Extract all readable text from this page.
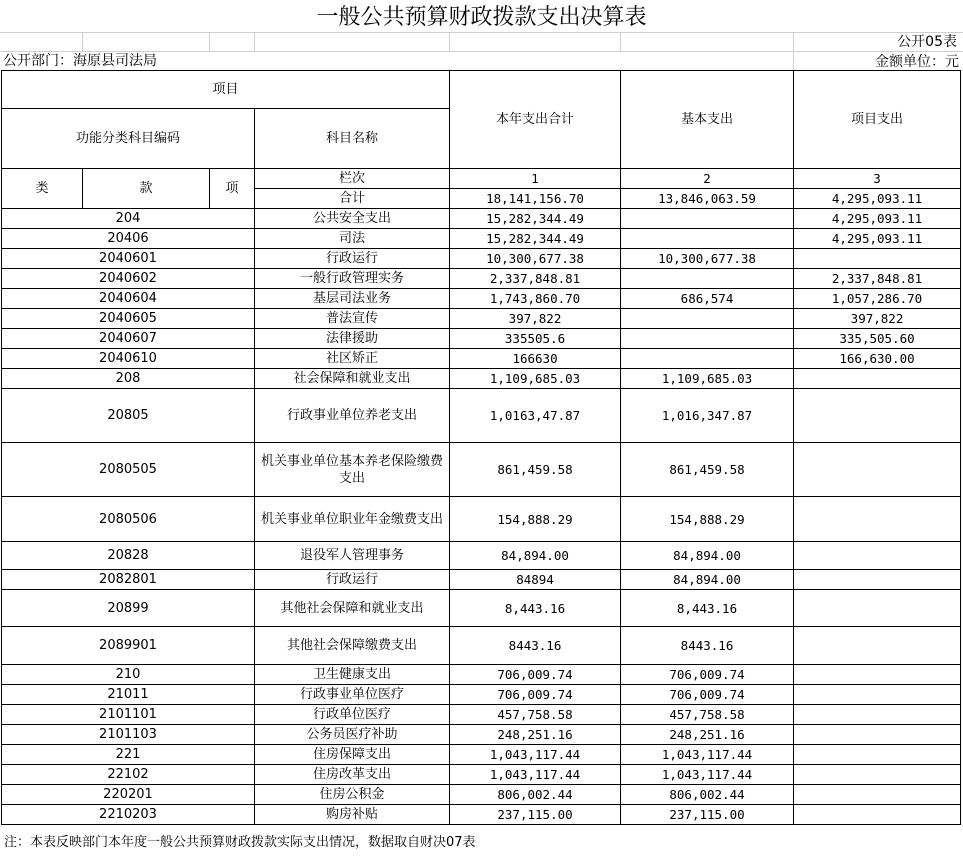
一般公共预算财政拨款支出决算表
公开05表
公开部门：海原县司法局	金额单位：元
项目				本年支出合计	基本支出	项目支出
功能分类科目编码			科目名称			
类	款	项	栏次	1	2	3
			合计	18,141,156.70	13,846,063.59	4,295,093.11
204			公共安全支出	15,282,344.49		4,295,093.11
20406			司法	15,282,344.49		4,295,093.11
2040601			行政运行	10,300,677.38	10,300,677.38	
2040602			一般行政管理实务	2,337,848.81		2,337,848.81
2040604			基层司法业务	1,743,860.70	686,574	1,057,286.70
2040605			普法宣传	397,822		397,822
2040607			法律援助	335505.6		335,505.60
2040610			社区矫正	166630		166,630.00
208			社会保障和就业支出	1,109,685.03	1,109,685.03	
20805			行政事业单位养老支出	1,0163,47.87	1,016,347.87	
2080505			机关事业单位基本养老保险缴费支出	861,459.58	861,459.58	
2080506			机关事业单位职业年金缴费支出	154,888.29	154,888.29	
20828			退役军人管理事务	84,894.00	84,894.00	
2082801			行政运行	84894	84,894.00	
20899			其他社会保障和就业支出	8,443.16	8,443.16	
2089901			其他社会保障缴费支出	8443.16	8443.16	
210			卫生健康支出	706,009.74	706,009.74	
21011			行政事业单位医疗	706,009.74	706,009.74	
2101101			行政单位医疗	457,758.58	457,758.58	
2101103			公务员医疗补助	248,251.16	248,251.16	
221			住房保障支出	1,043,117.44	1,043,117.44	
22102			住房改革支出	1,043,117.44	1,043,117.44	
220201			住房公积金	806,002.44	806,002.44	
2210203			购房补贴	237,115.00	237,115.00	
注：本表反映部门本年度一般公共预算财政拨款实际支出情况，数据取自财决07表
